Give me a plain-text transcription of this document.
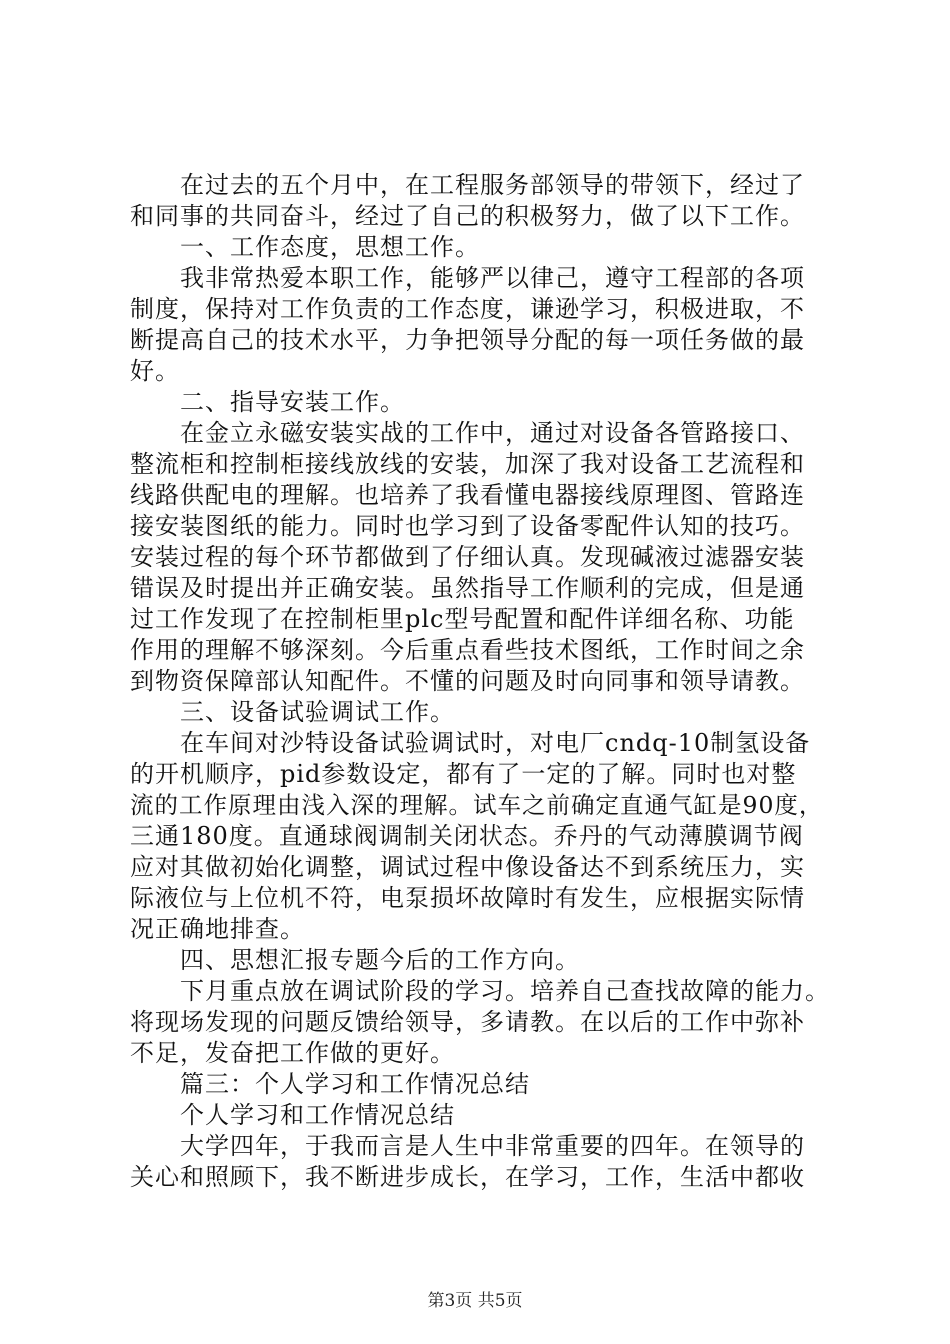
在过去的五个月中，在工程服务部领导的带领下，经过了
和同事的共同奋斗，经过了自己的积极努力，做了以下工作。
一、工作态度，思想工作。
我非常热爱本职工作，能够严以律己，遵守工程部的各项
制度，保持对工作负责的工作态度，谦逊学习，积极进取，不
断提高自己的技术水平，力争把领导分配的每一项任务做的最
好。
二、指导安装工作。
在金立永磁安装实战的工作中，通过对设备各管路接口、
整流柜和控制柜接线放线的安装，加深了我对设备工艺流程和
线路供配电的理解。也培养了我看懂电器接线原理图、管路连
接安装图纸的能力。同时也学习到了设备零配件认知的技巧。
安装过程的每个环节都做到了仔细认真。发现碱液过滤器安装
错误及时提出并正确安装。虽然指导工作顺利的完成，但是通
过工作发现了在控制柜里plc型号配置和配件详细名称、功能
作用的理解不够深刻。今后重点看些技术图纸，工作时间之余
到物资保障部认知配件。不懂的问题及时向同事和领导请教。
三、设备试验调试工作。
在车间对沙特设备试验调试时，对电厂cndq-10制氢设备
的开机顺序，pid参数设定，都有了一定的了解。同时也对整
流的工作原理由浅入深的理解。试车之前确定直通气缸是90度，
三通180度。直通球阀调制关闭状态。乔丹的气动薄膜调节阀
应对其做初始化调整，调试过程中像设备达不到系统压力，实
际液位与上位机不符，电泵损坏故障时有发生，应根据实际情
况正确地排查。
四、思想汇报专题今后的工作方向。
下月重点放在调试阶段的学习。培养自己查找故障的能力。
将现场发现的问题反馈给领导，多请教。在以后的工作中弥补
不足，发奋把工作做的更好。
篇三：个人学习和工作情况总结
个人学习和工作情况总结
大学四年，于我而言是人生中非常重要的四年。在领导的
关心和照顾下，我不断进步成长，在学习，工作，生活中都收
第3页 共5页
